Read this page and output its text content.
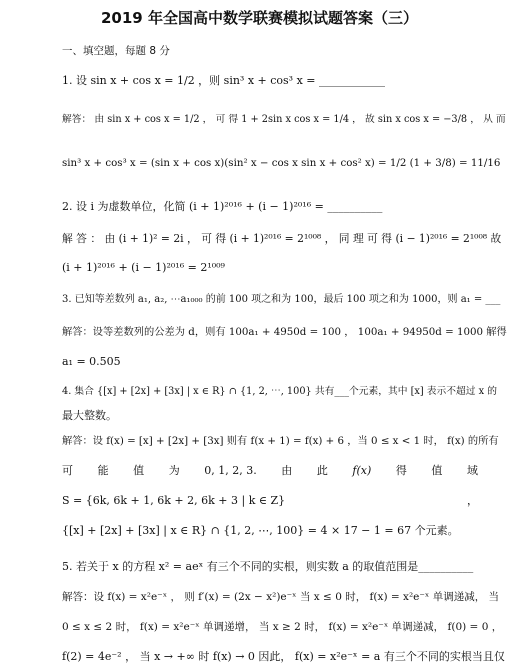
2019 年全国高中数学联赛模拟试题答案（三）
一、填空题，每题 8 分
1. 设 sin x + cos x = 1/2 ，则 sin³ x + cos³ x = ____________
解答： 由 sin x + cos x = 1/2 ， 可 得 1 + 2sin x cos x = 1/4 ， 故 sin x cos x = −3/8 ， 从 而
sin³ x + cos³ x = (sin x + cos x)(sin² x − cos x sin x + cos² x) = 1/2 (1 + 3/8) = 11/16
2. 设 i 为虚数单位，化简 (i + 1)²⁰¹⁶ + (i − 1)²⁰¹⁶ = __________
解 答 ： 由 (i + 1)² = 2i ， 可 得 (i + 1)²⁰¹⁶ = 2¹⁰⁰⁸ ， 同 理 可 得 (i − 1)²⁰¹⁶ = 2¹⁰⁰⁸ 故
(i + 1)²⁰¹⁶ + (i − 1)²⁰¹⁶ = 2¹⁰⁰⁹
3. 已知等差数列 a₁, a₂, ⋯a₁₀₀₀ 的前 100 项之和为 100，最后 100 项之和为 1000，则 a₁ = ___
解答：设等差数列的公差为 d，则有 100a₁ + 4950d = 100 ， 100a₁ + 94950d = 1000 解得
a₁ = 0.505
4. 集合 {[x] + [2x] + [3x] | x ∈ R} ∩ {1, 2, ⋯, 100} 共有___个元素，其中 [x] 表示不超过 x 的
最大整数。
解答：设 f(x) = [x] + [2x] + [3x] 则有 f(x + 1) = f(x) + 6 ，当 0 ≤ x < 1 时， f(x) 的所有
可 能 值 为 0, 1, 2, 3. 由 此 f(x) 得 值 域
S = {6k, 6k + 1, 6k + 2, 6k + 3 | k ∈ Z}	，
{[x] + [2x] + [3x] | x ∈ R} ∩ {1, 2, ⋯, 100} = 4 × 17 − 1 = 67 个元素。
5. 若关于 x 的方程 x² = aeˣ 有三个不同的实根，则实数 a 的取值范围是__________
解答：设 f(x) = x²e⁻ˣ ， 则 f′(x) = (2x − x²)e⁻ˣ 当 x ≤ 0 时， f(x) = x²e⁻ˣ 单调递减， 当
0 ≤ x ≤ 2 时， f(x) = x²e⁻ˣ 单调递增， 当 x ≥ 2 时， f(x) = x²e⁻ˣ 单调递减， f(0) = 0 ，
f(2) = 4e⁻² ， 当 x → +∞ 时 f(x) → 0 因此， f(x) = x²e⁻ˣ = a 有三个不同的实根当且仅
